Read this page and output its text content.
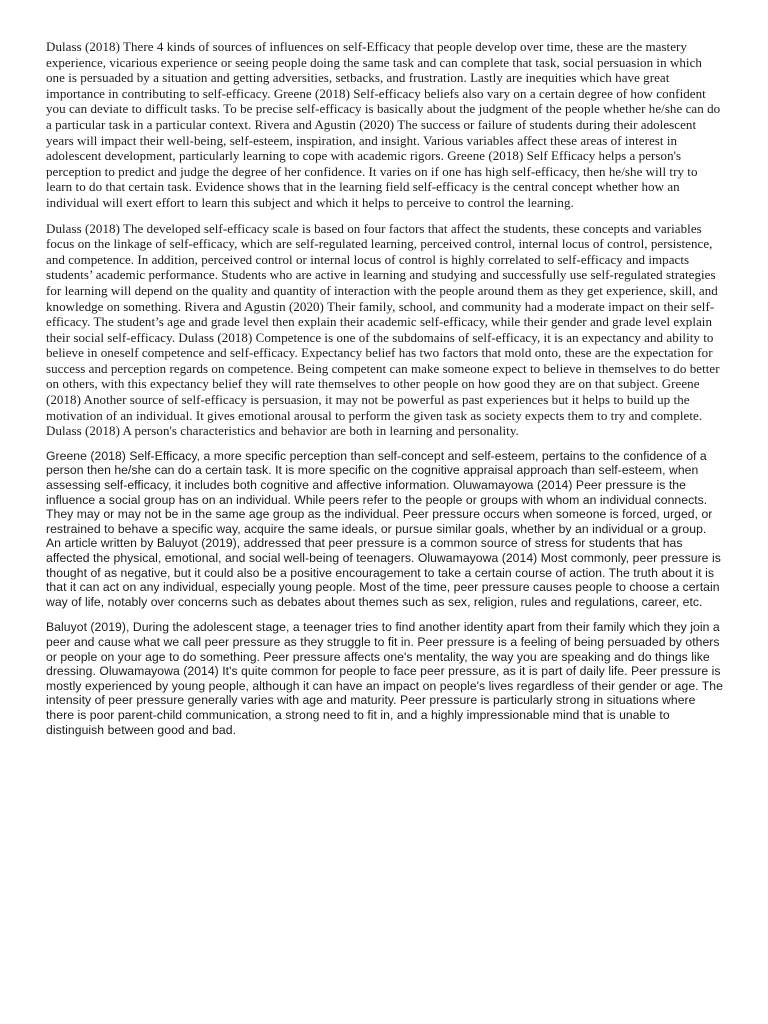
Dulass (2018) There 4 kinds of sources of influences on self-Efficacy that people develop over time, these are the mastery experience, vicarious experience or seeing people doing the same task and can complete that task, social persuasion in which one is persuaded by a situation and getting adversities, setbacks, and frustration. Lastly are inequities which have great importance in contributing to self-efficacy. Greene (2018) Self-efficacy beliefs also vary on a certain degree of how confident you can deviate to difficult tasks. To be precise self-efficacy is basically about the judgment of the people whether he/she can do a particular task in a particular context. Rivera and Agustin (2020) The success or failure of students during their adolescent years will impact their well-being, self-esteem, inspiration, and insight. Various variables affect these areas of interest in adolescent development, particularly learning to cope with academic rigors. Greene (2018) Self Efficacy helps a person's perception to predict and judge the degree of her confidence. It varies on if one has high self-efficacy, then he/she will try to learn to do that certain task. Evidence shows that in the learning field self-efficacy is the central concept whether how an individual will exert effort to learn this subject and which it helps to perceive to control the learning.

Dulass (2018) The developed self-efficacy scale is based on four factors that affect the students, these concepts and variables focus on the linkage of self-efficacy, which are self-regulated learning, perceived control, internal locus of control, persistence, and competence. In addition, perceived control or internal locus of control is highly correlated to self-efficacy and impacts students’ academic performance. Students who are active in learning and studying and successfully use self-regulated strategies for learning will depend on the quality and quantity of interaction with the people around them as they get experience, skill, and knowledge on something. Rivera and Agustin (2020) Their family, school, and community had a moderate impact on their self-efficacy. The student’s age and grade level then explain their academic self-efficacy, while their gender and grade level explain their social self-efficacy. Dulass (2018) Competence is one of the subdomains of self-efficacy, it is an expectancy and ability to believe in oneself competence and self-efficacy. Expectancy belief has two factors that mold onto, these are the expectation for success and perception regards on competence. Being competent can make someone expect to believe in themselves to do better on others, with this expectancy belief they will rate themselves to other people on how good they are on that subject. Greene (2018) Another source of self-efficacy is persuasion, it may not be powerful as past experiences but it helps to build up the motivation of an individual. It gives emotional arousal to perform the given task as society expects them to try and complete. Dulass (2018) A person's characteristics and behavior are both in learning and personality.

Greene (2018) Self-Efficacy, a more specific perception than self-concept and self-esteem, pertains to the confidence of a person then he/she can do a certain task. It is more specific on the cognitive appraisal approach than self-esteem, when assessing self-efficacy, it includes both cognitive and affective information. Oluwamayowa (2014) Peer pressure is the influence a social group has on an individual. While peers refer to the people or groups with whom an individual connects. They may or may not be in the same age group as the individual. Peer pressure occurs when someone is forced, urged, or restrained to behave a specific way, acquire the same ideals, or pursue similar goals, whether by an individual or a group. An article written by Baluyot (2019), addressed that peer pressure is a common source of stress for students that has affected the physical, emotional, and social well-being of teenagers. Oluwamayowa (2014) Most commonly, peer pressure is thought of as negative, but it could also be a positive encouragement to take a certain course of action. The truth about it is that it can act on any individual, especially young people. Most of the time, peer pressure causes people to choose a certain way of life, notably over concerns such as debates about themes such as sex, religion, rules and regulations, career, etc.

Baluyot (2019), During the adolescent stage, a teenager tries to find another identity apart from their family which they join a peer and cause what we call peer pressure as they struggle to fit in. Peer pressure is a feeling of being persuaded by others or people on your age to do something. Peer pressure affects one's mentality, the way you are speaking and do things like dressing. Oluwamayowa (2014) It's quite common for people to face peer pressure, as it is part of daily life. Peer pressure is mostly experienced by young people, although it can have an impact on people's lives regardless of their gender or age. The intensity of peer pressure generally varies with age and maturity. Peer pressure is particularly strong in situations where there is poor parent-child communication, a strong need to fit in, and a highly impressionable mind that is unable to distinguish between good and bad.
